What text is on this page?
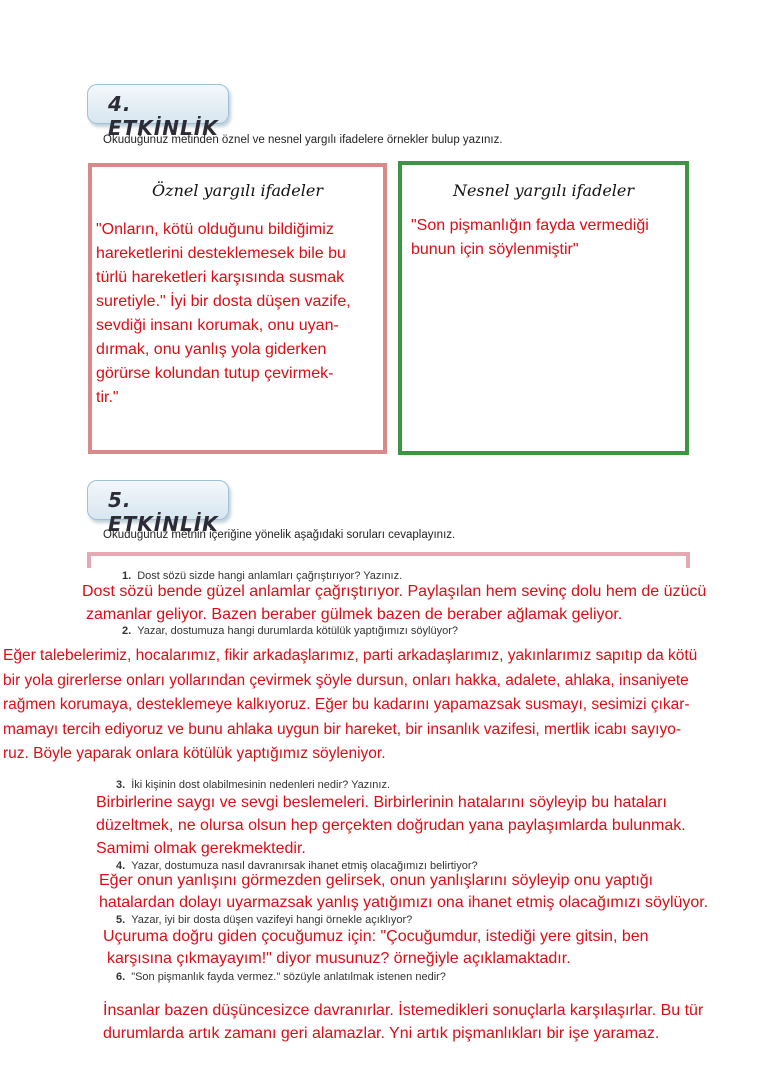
4. ETKİNLİK
Okuduğunuz metinden öznel ve nesnel yargılı ifadelere örnekler bulup yazınız.
Öznel yargılı ifadeler
"Onların, kötü olduğunu bildiğimiz
hareketlerini desteklemesek bile bu
türlü hareketleri karşısında susmak
suretiyle." İyi bir dosta düşen vazife,
sevdiği insanı korumak, onu uyan-
dırmak, onu yanlış yola giderken
görürse kolundan tutup çevirmek-
tir."
Nesnel yargılı ifadeler
"Son pişmanlığın fayda vermediği
bunun için söylenmiştir"
5. ETKİNLİK
Okuduğunuz metnin içeriğine yönelik aşağıdaki soruları cevaplayınız.
1. Dost sözü sizde hangi anlamları çağrıştırıyor? Yazınız.
Dost sözü bende güzel anlamlar çağrıştırıyor. Paylaşılan hem sevinç dolu hem de üzücü
zamanlar geliyor. Bazen beraber gülmek bazen de beraber ağlamak geliyor.
2. Yazar, dostumuza hangi durumlarda kötülük yaptığımızı söylüyor?
Eğer talebelerimiz, hocalarımız, fikir arkadaşlarımız, parti arkadaşlarımız, yakınlarımız sapıtıp da kötü
bir yola girerlerse onları yollarından çevirmek şöyle dursun, onları hakka, adalete, ahlaka, insaniyete
rağmen korumaya, desteklemeye kalkıyoruz. Eğer bu kadarını yapamazsak susmayı, sesimizi çıkar-
mamayı tercih ediyoruz ve bunu ahlaka uygun bir hareket, bir insanlık vazifesi, mertlik icabı sayıyo-
ruz. Böyle yaparak onlara kötülük yaptığımız söyleniyor.
3. İki kişinin dost olabilmesinin nedenleri nedir? Yazınız.
Birbirlerine saygı ve sevgi beslemeleri. Birbirlerinin hatalarını söyleyip bu hataları
düzeltmek, ne olursa olsun hep gerçekten doğrudan yana paylaşımlarda bulunmak.
Samimi olmak gerekmektedir.
4. Yazar, dostumuza nasıl davranırsak ihanet etmiş olacağımızı belirtiyor?
Eğer onun yanlışını görmezden gelirsek, onun yanlışlarını söyleyip onu yaptığı
hatalardan dolayı uyarmazsak yanlış yatığımızı ona ihanet etmiş olacağımızı söylüyor.
5. Yazar, iyi bir dosta düşen vazifeyi hangi örnekle açıklıyor?
Uçuruma doğru giden çocuğumuz için: "Çocuğumdur, istediği yere gitsin, ben
karşısına çıkmayayım!" diyor musunuz? örneğiyle açıklamaktadır.
6. "Son pişmanlık fayda vermez." sözüyle anlatılmak istenen nedir?
İnsanlar bazen düşüncesizce davranırlar. İstemedikleri sonuçlarla karşılaşırlar. Bu tür
durumlarda artık zamanı geri alamazlar. Yni artık pişmanlıkları bir işe yaramaz.
